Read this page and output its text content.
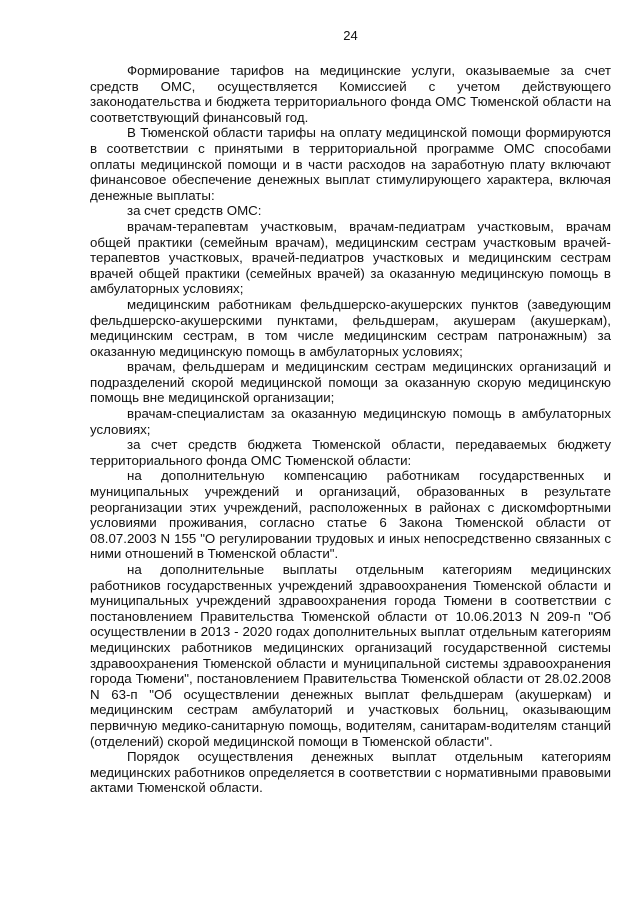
24

Формирование тарифов на медицинские услуги, оказываемые за счет средств ОМС, осуществляется Комиссией с учетом действующего законодательства и бюджета территориального фонда ОМС Тюменской области на соответствующий финансовый год.

В Тюменской области тарифы на оплату медицинской помощи формируются в соответствии с принятыми в территориальной программе ОМС способами оплаты медицинской помощи и в части расходов на заработную плату включают финансовое обеспечение денежных выплат стимулирующего характера, включая денежные выплаты:

за счет средств ОМС:

врачам-терапевтам участковым, врачам-педиатрам участковым, врачам общей практики (семейным врачам), медицинским сестрам участковым врачей-терапевтов участковых, врачей-педиатров участковых и медицинским сестрам врачей общей практики (семейных врачей) за оказанную медицинскую помощь в амбулаторных условиях;

медицинским работникам фельдшерско-акушерских пунктов (заведующим фельдшерско-акушерскими пунктами, фельдшерам, акушерам (акушеркам), медицинским сестрам, в том числе медицинским сестрам патронажным) за оказанную медицинскую помощь в амбулаторных условиях;

врачам, фельдшерам и медицинским сестрам медицинских организаций и подразделений скорой медицинской помощи за оказанную скорую медицинскую помощь вне медицинской организации;

врачам-специалистам за оказанную медицинскую помощь в амбулаторных условиях;

за счет средств бюджета Тюменской области, передаваемых бюджету территориального фонда ОМС Тюменской области:

на дополнительную компенсацию работникам государственных и муниципальных учреждений и организаций, образованных в результате реорганизации этих учреждений, расположенных в районах с дискомфортными условиями проживания, согласно статье 6 Закона Тюменской области от 08.07.2003 N 155 "О регулировании трудовых и иных непосредственно связанных с ними отношений в Тюменской области".

на дополнительные выплаты отдельным категориям медицинских работников государственных учреждений здравоохранения Тюменской области и муниципальных учреждений здравоохранения города Тюмени в соответствии с постановлением Правительства Тюменской области от 10.06.2013 N 209-п "Об осуществлении в 2013 - 2020 годах дополнительных выплат отдельным категориям медицинских работников медицинских организаций государственной системы здравоохранения Тюменской области и муниципальной системы здравоохранения города Тюмени", постановлением Правительства Тюменской области от 28.02.2008 N 63-п "Об осуществлении денежных выплат фельдшерам (акушеркам) и медицинским сестрам амбулаторий и участковых больниц, оказывающим первичную медико-санитарную помощь, водителям, санитарам-водителям станций (отделений) скорой медицинской помощи в Тюменской области".

Порядок осуществления денежных выплат отдельным категориям медицинских работников определяется в соответствии с нормативными правовыми актами Тюменской области.
